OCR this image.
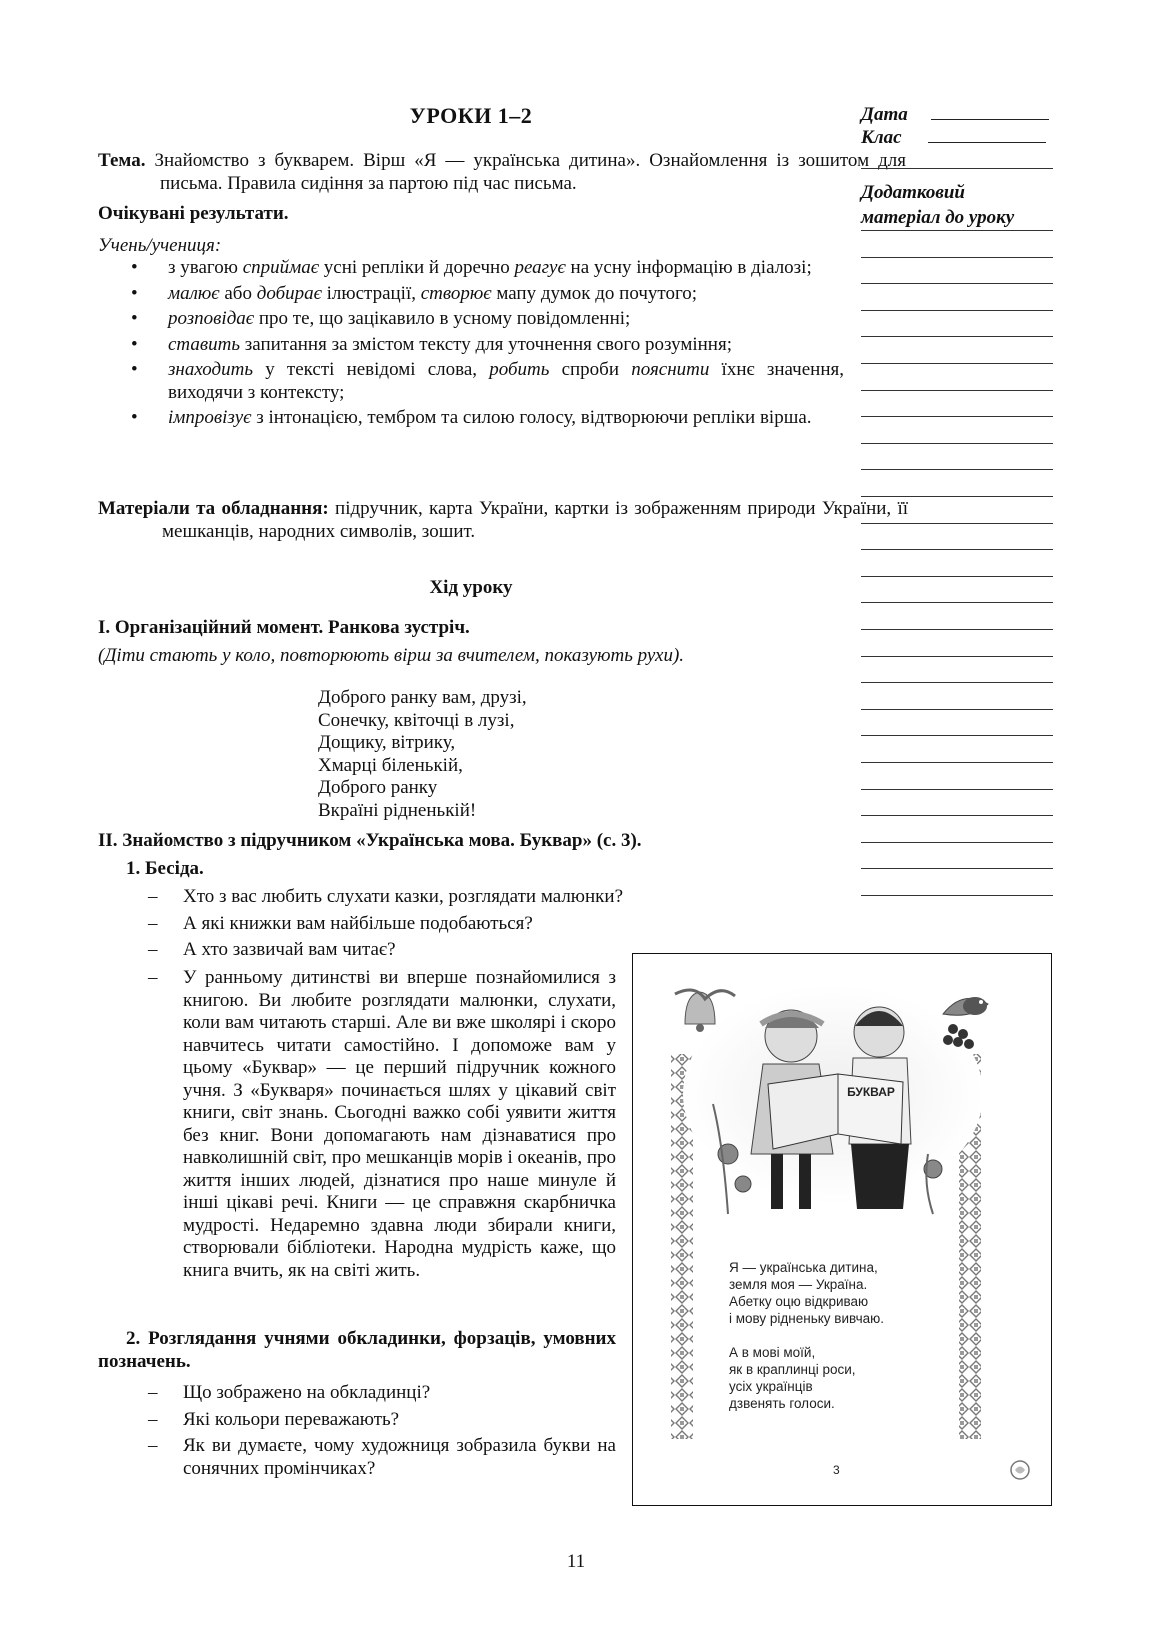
УРОКИ 1–2
Тема. Знайомство з букварем. Вірш «Я — українська дитина». Ознайомлення із зошитом для письма. Правила сидіння за партою під час письма.
Очікувані результати.
Учень/учениця:
• з увагою сприймає усні репліки й доречно реагує на усну інформацію в діалозі;
• малює або добирає ілюстрації, створює мапу думок до почутого;
• розповідає про те, що зацікавило в усному повідомленні;
• ставить запитання за змістом тексту для уточнення свого розуміння;
• знаходить у тексті невідомі слова, робить спроби пояснити їхнє значення, виходячи з контексту;
• імпровізує з інтонацією, тембром та силою голосу, відтворюючи репліки вірша.
Матеріали та обладнання: підручник, карта України, картки із зображенням природи України, її мешканців, народних символів, зошит.
Хід уроку
I. Організаційний момент. Ранкова зустріч.
(Діти стають у коло, повторюють вірш за вчителем, показують рухи).
Доброго ранку вам, друзі,
Сонечку, квіточці в лузі,
Дощику, вітрику,
Хмарці біленькій,
Доброго ранку
Вкраїні рідненькій!
II. Знайомство з підручником «Українська мова. Буквар» (с. 3).
1. Бесіда.
– Хто з вас любить слухати казки, розглядати малюнки?
– А які книжки вам найбільше подобаються?
– А хто зазвичай вам читає?
– У ранньому дитинстві ви вперше познайомилися з книгою. Ви любите розглядати малюнки, слухати, коли вам читають старші. Але ви вже школярі і скоро навчитесь читати самостійно. І допоможе вам у цьому «Буквар» — це перший підручник кожного учня. З «Букваря» починається шлях у цікавий світ книги, світ знань. Сьогодні важко собі уявити життя без книг. Вони допомагають нам дізнаватися про навколишній світ, про мешканців морів і океанів, про життя інших людей, дізнатися про наше минуле й інші цікаві речі. Книги — це справжня скарбничка мудрості. Недаремно здавна люди збирали книги, створювали бібліотеки. Народна мудрість каже, що книга вчить, як на світі жить.
2. Розглядання учнями обкладинки, форзаців, умовних позначень.
– Що зображено на обкладинці?
– Які кольори переважають?
– Як ви думаєте, чому художниця зобразила букви на сонячних промінчиках?
Дата
Клас
Додатковий
матеріал до уроку
БУКВАР
Я — українська дитина,
земля моя — Україна.
Абетку оцю відкриваю
і мову рідненьку вивчаю.
А в мові моїй,
як в краплинці роси,
усіх українців
дзвенять голоси.
3
11
